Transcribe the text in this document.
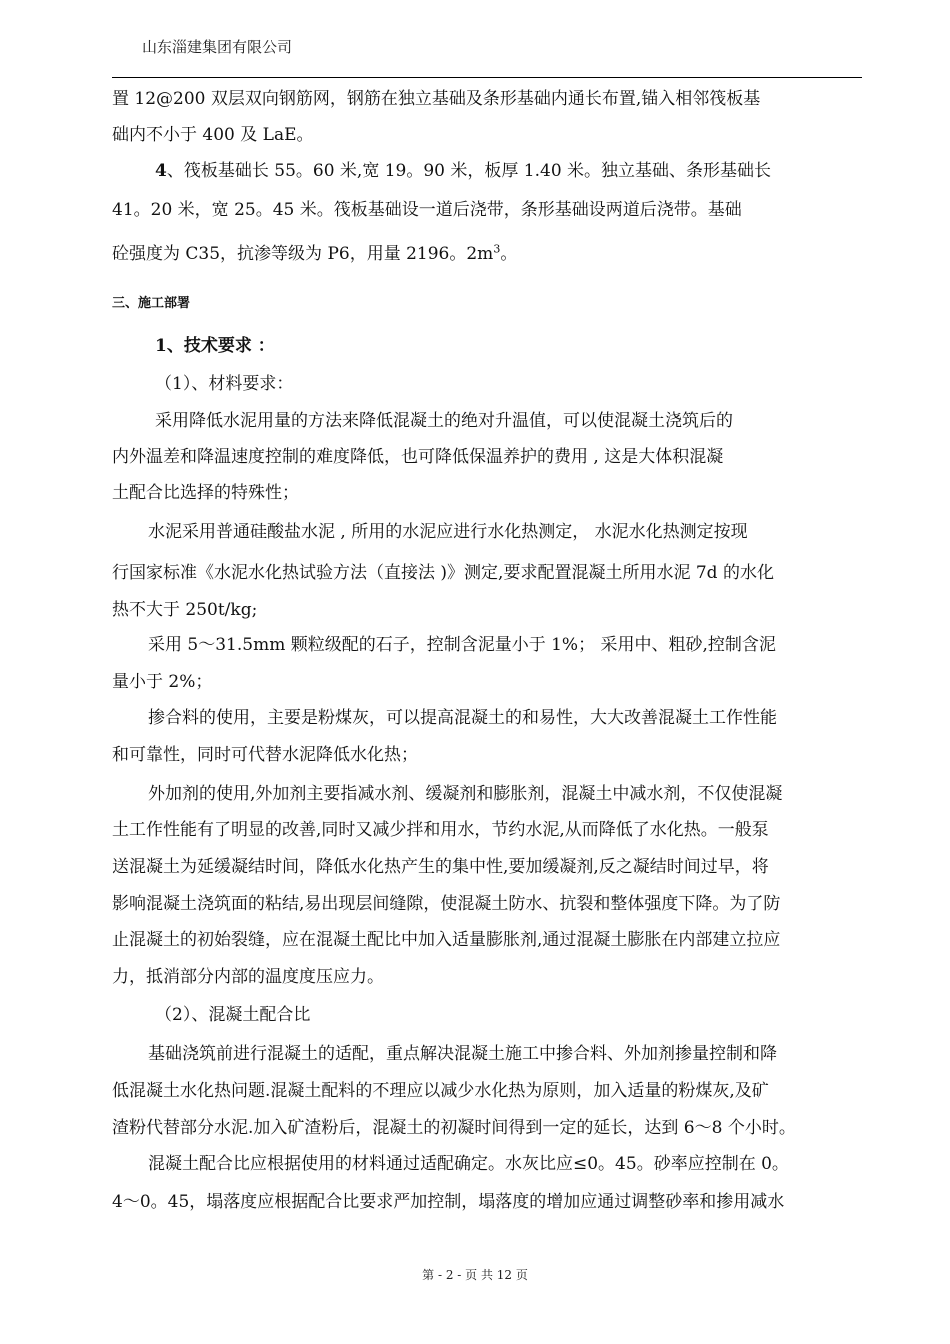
山东淄建集团有限公司
置 12@200 双层双向钢筋网，钢筋在独立基础及条形基础内通长布置,锚入相邻筏板基
础内不小于 400 及 LaE。
4、筏板基础长 55。60 米,宽 19。90 米，板厚 1.40 米。独立基础、条形基础长
41。20 米，宽 25。45 米。筏板基础设一道后浇带，条形基础设两道后浇带。基础
砼强度为 C35，抗渗等级为 P6，用量 2196。$2m^3$。
三、施工部署
1、技术要求 ：
（1）、材料要求：
采用降低水泥用量的方法来降低混凝土的绝对升温值，可以使混凝土浇筑后的
内外温差和降温速度控制的难度降低，也可降低保温养护的费用 , 这是大体积混凝
土配合比选择的特殊性；
水泥采用普通硅酸盐水泥 , 所用的水泥应进行水化热测定， 水泥水化热测定按现
行国家标准《水泥水化热试验方法（直接法 )》测定,要求配置混凝土所用水泥 7d 的水化
热不大于 250t/kg;
采用 5～31.5mm 颗粒级配的石子，控制含泥量小于 1%； 采用中、粗砂,控制含泥
量小于 2%；
掺合料的使用，主要是粉煤灰，可以提高混凝土的和易性，大大改善混凝土工作性能
和可靠性，同时可代替水泥降低水化热；
外加剂的使用,外加剂主要指减水剂、缓凝剂和膨胀剂，混凝土中减水剂，不仅使混凝
土工作性能有了明显的改善,同时又减少拌和用水，节约水泥,从而降低了水化热。一般泵
送混凝土为延缓凝结时间，降低水化热产生的集中性,要加缓凝剂,反之凝结时间过早，将
影响混凝土浇筑面的粘结,易出现层间缝隙，使混凝土防水、抗裂和整体强度下降。为了防
止混凝土的初始裂缝，应在混凝土配比中加入适量膨胀剂,通过混凝土膨胀在内部建立拉应
力，抵消部分内部的温度度压应力。
（2）、混凝土配合比
基础浇筑前进行混凝土的适配，重点解决混凝土施工中掺合料、外加剂掺量控制和降
低混凝土水化热问题.混凝土配料的不理应以减少水化热为原则，加入适量的粉煤灰,及矿
渣粉代替部分水泥.加入矿渣粉后，混凝土的初凝时间得到一定的延长，达到 6～8 个小时。
混凝土配合比应根据使用的材料通过适配确定。水灰比应≤0。45。砂率应控制在 0。
4～0。45，塌落度应根据配合比要求严加控制，塌落度的增加应通过调整砂率和掺用减水
第 - 2 - 页 共 12 页
